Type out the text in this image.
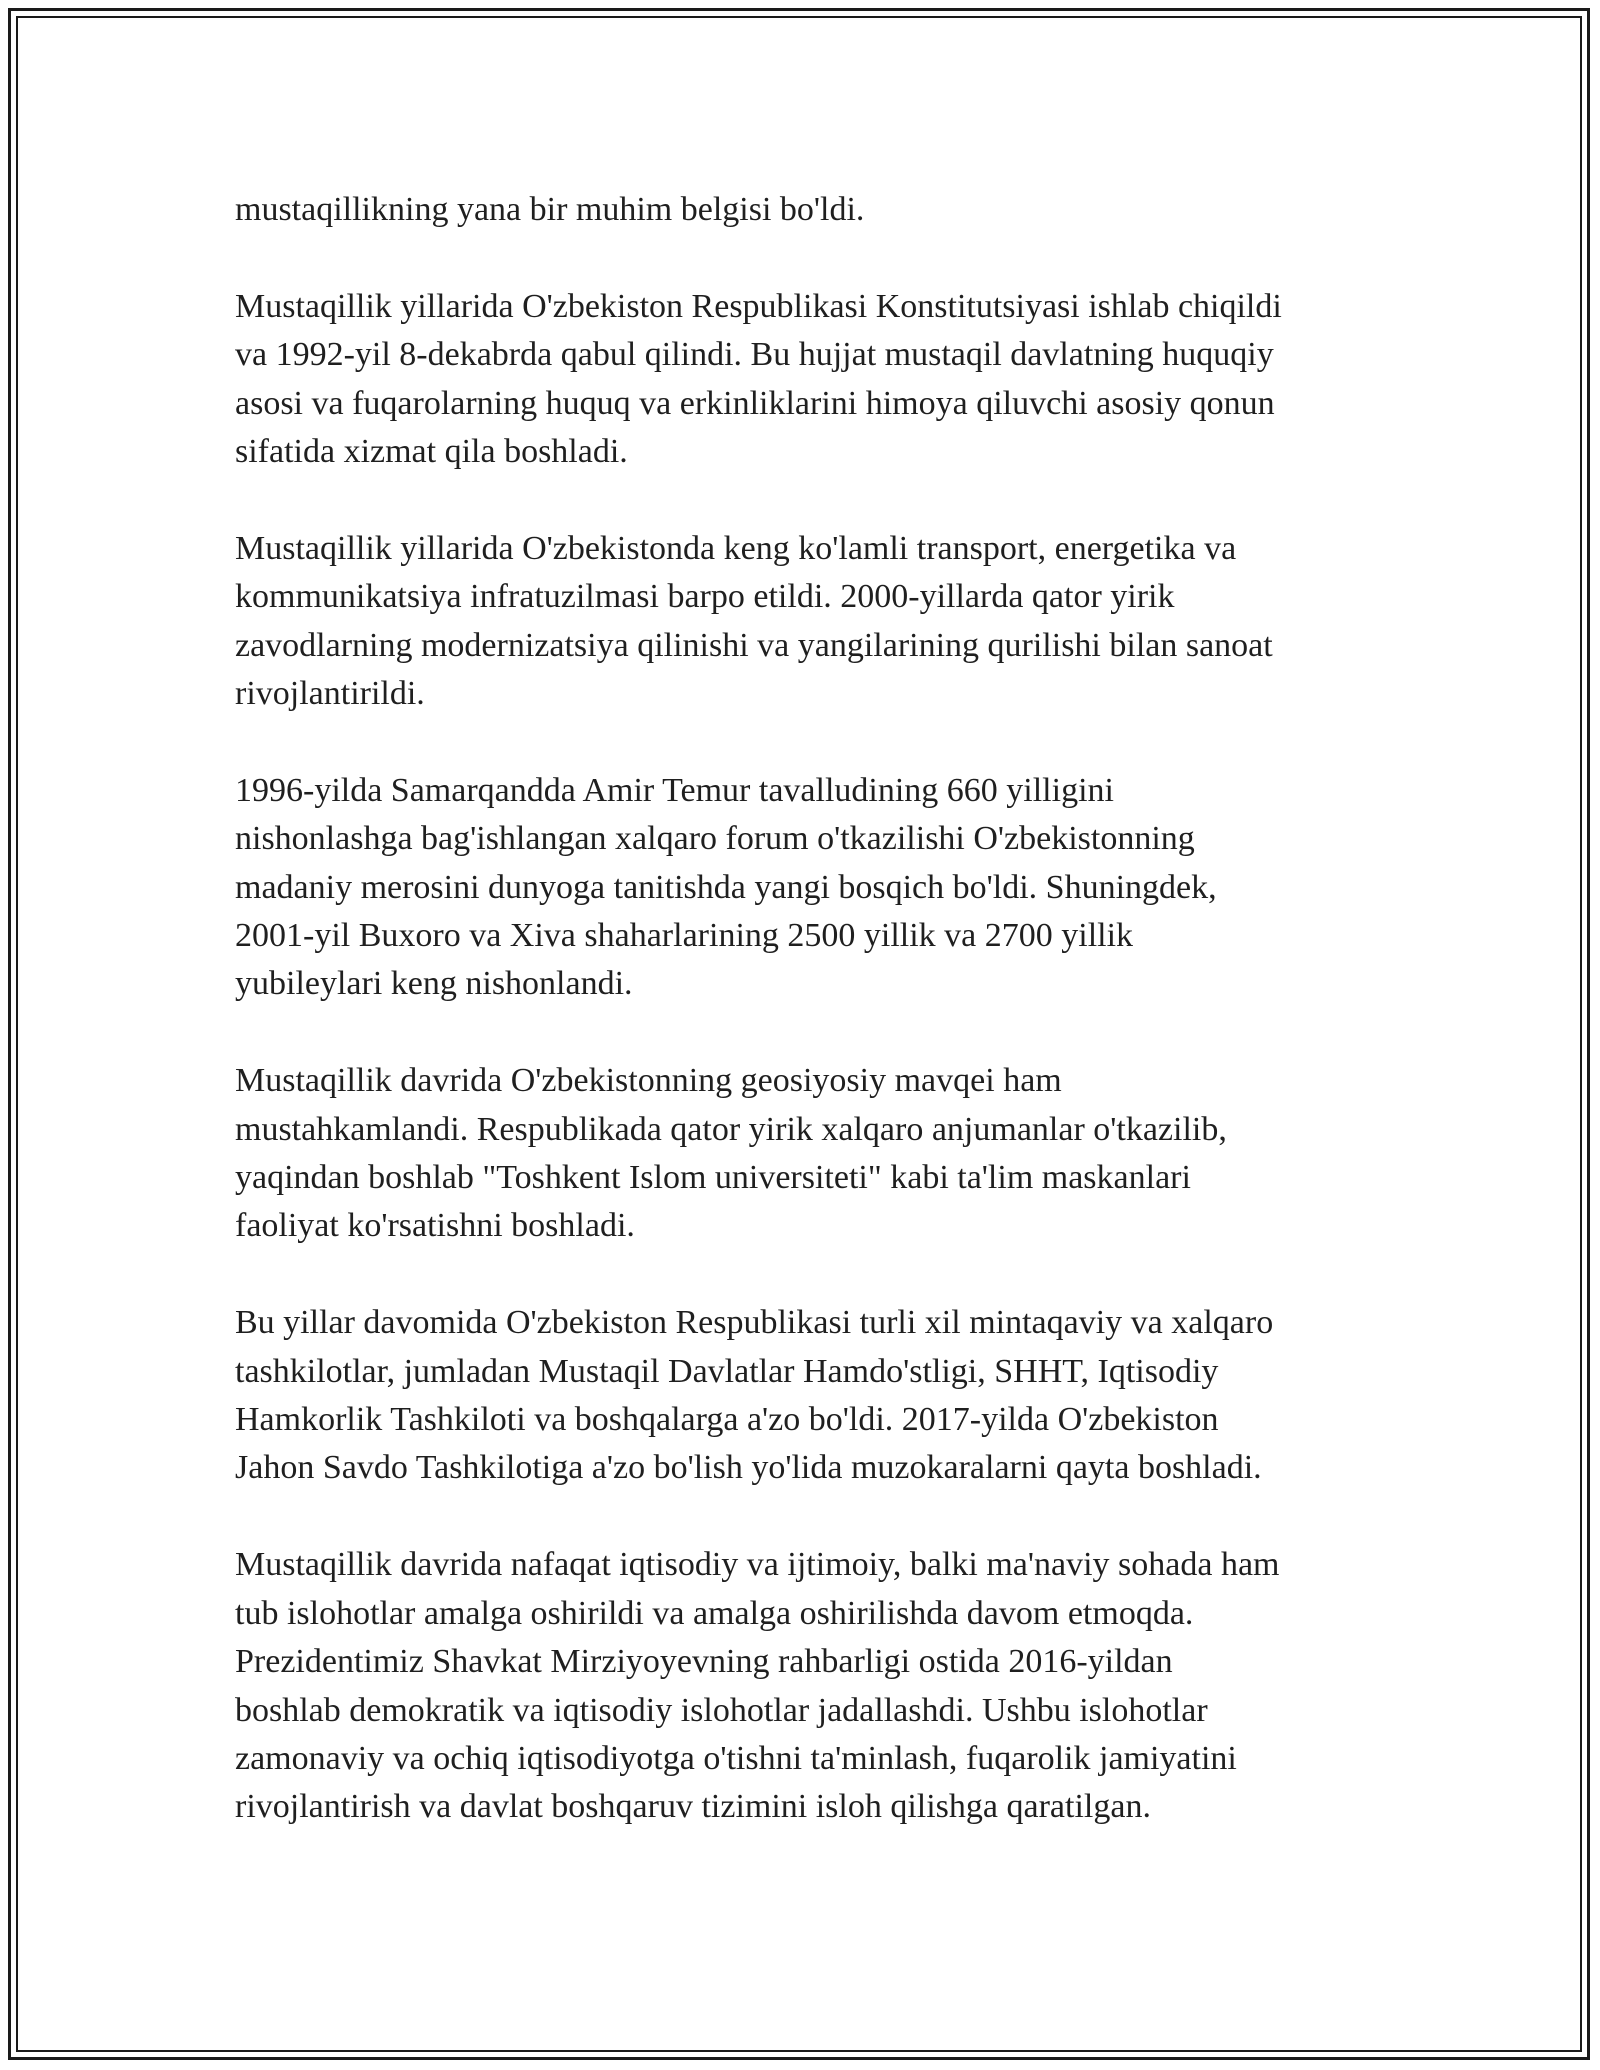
mustaqillikning yana bir muhim belgisi bo'ldi.

Mustaqillik yillarida O'zbekiston Respublikasi Konstitutsiyasi ishlab chiqildi
va 1992-yil 8-dekabrda qabul qilindi. Bu hujjat mustaqil davlatning huquqiy
asosi va fuqarolarning huquq va erkinliklarini himoya qiluvchi asosiy qonun
sifatida xizmat qila boshladi.

Mustaqillik yillarida O'zbekistonda keng ko'lamli transport, energetika va
kommunikatsiya infratuzilmasi barpo etildi. 2000-yillarda qator yirik
zavodlarning modernizatsiya qilinishi va yangilarining qurilishi bilan sanoat
rivojlantirildi.

1996-yilda Samarqandda Amir Temur tavalludining 660 yilligini
nishonlashga bag'ishlangan xalqaro forum o'tkazilishi O'zbekistonning
madaniy merosini dunyoga tanitishda yangi bosqich bo'ldi. Shuningdek,
2001-yil Buxoro va Xiva shaharlarining 2500 yillik va 2700 yillik
yubileylari keng nishonlandi.

Mustaqillik davrida O'zbekistonning geosiyosiy mavqei ham
mustahkamlandi. Respublikada qator yirik xalqaro anjumanlar o'tkazilib,
yaqindan boshlab "Toshkent Islom universiteti" kabi ta'lim maskanlari
faoliyat ko'rsatishni boshladi.

Bu yillar davomida O'zbekiston Respublikasi turli xil mintaqaviy va xalqaro
tashkilotlar, jumladan Mustaqil Davlatlar Hamdo'stligi, SHHT, Iqtisodiy
Hamkorlik Tashkiloti va boshqalarga a'zo bo'ldi. 2017-yilda O'zbekiston
Jahon Savdo Tashkilotiga a'zo bo'lish yo'lida muzokaralarni qayta boshladi.

Mustaqillik davrida nafaqat iqtisodiy va ijtimoiy, balki ma'naviy sohada ham
tub islohotlar amalga oshirildi va amalga oshirilishda davom etmoqda.
Prezidentimiz Shavkat Mirziyoyevning rahbarligi ostida 2016-yildan
boshlab demokratik va iqtisodiy islohotlar jadallashdi. Ushbu islohotlar
zamonaviy va ochiq iqtisodiyotga o'tishni ta'minlash, fuqarolik jamiyatini
rivojlantirish va davlat boshqaruv tizimini isloh qilishga qaratilgan.
